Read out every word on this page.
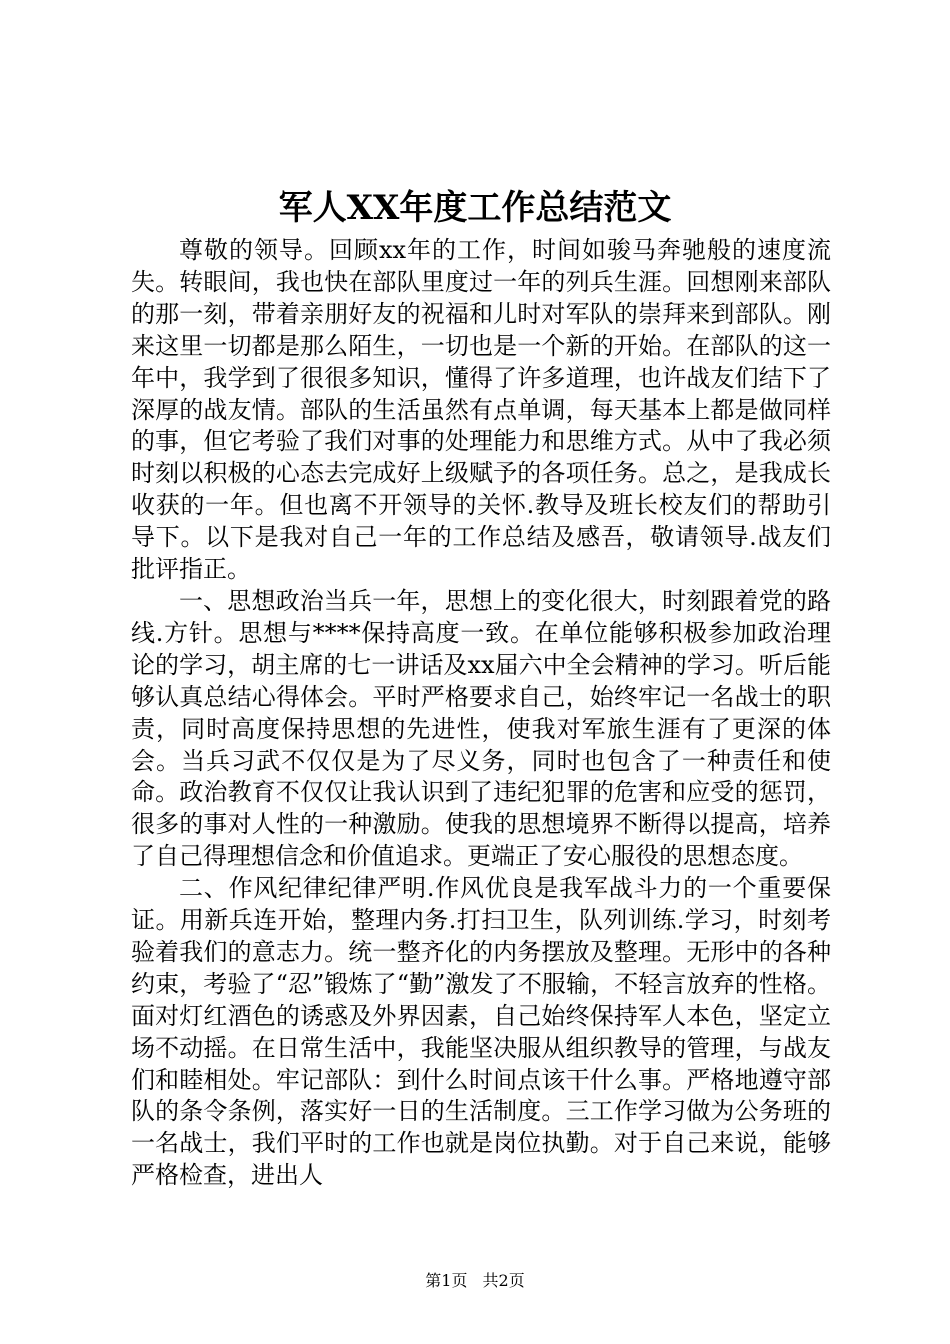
军人XX年度工作总结范文

尊敬的领导。回顾xx年的工作，时间如骏马奔驰般的速度流失。转眼间，我也快在部队里度过一年的列兵生涯。回想刚来部队的那一刻，带着亲朋好友的祝福和儿时对军队的崇拜来到部队。刚来这里一切都是那么陌生，一切也是一个新的开始。在部队的这一年中，我学到了很很多知识，懂得了许多道理，也许战友们结下了深厚的战友情。部队的生活虽然有点单调，每天基本上都是做同样的事，但它考验了我们对事的处理能力和思维方式。从中了我必须时刻以积极的心态去完成好上级赋予的各项任务。总之，是我成长收获的一年。但也离不开领导的关怀.教导及班长校友们的帮助引导下。以下是我对自己一年的工作总结及感吾，敬请领导.战友们批评指正。

一、思想政治当兵一年，思想上的变化很大，时刻跟着党的路线.方针。思想与****保持高度一致。在单位能够积极参加政治理论的学习，胡主席的七一讲话及xx届六中全会精神的学习。听后能够认真总结心得体会。平时严格要求自己，始终牢记一名战士的职责，同时高度保持思想的先进性，使我对军旅生涯有了更深的体会。当兵习武不仅仅是为了尽义务，同时也包含了一种责任和使命。政治教育不仅仅让我认识到了违纪犯罪的危害和应受的惩罚，很多的事对人性的一种激励。使我的思想境界不断得以提高，培养了自己得理想信念和价值追求。更端正了安心服役的思想态度。

二、作风纪律纪律严明.作风优良是我军战斗力的一个重要保证。用新兵连开始，整理内务.打扫卫生，队列训练.学习，时刻考验着我们的意志力。统一整齐化的内务摆放及整理。无形中的各种约束，考验了“忍”锻炼了“勤”激发了不服输，不轻言放弃的性格。面对灯红酒色的诱惑及外界因素，自己始终保持军人本色，坚定立场不动摇。在日常生活中，我能坚决服从组织教导的管理，与战友们和睦相处。牢记部队：到什么时间点该干什么事。严格地遵守部队的条令条例，落实好一日的生活制度。三工作学习做为公务班的一名战士，我们平时的工作也就是岗位执勤。对于自己来说，能够严格检查，进出人

第1页 共2页
